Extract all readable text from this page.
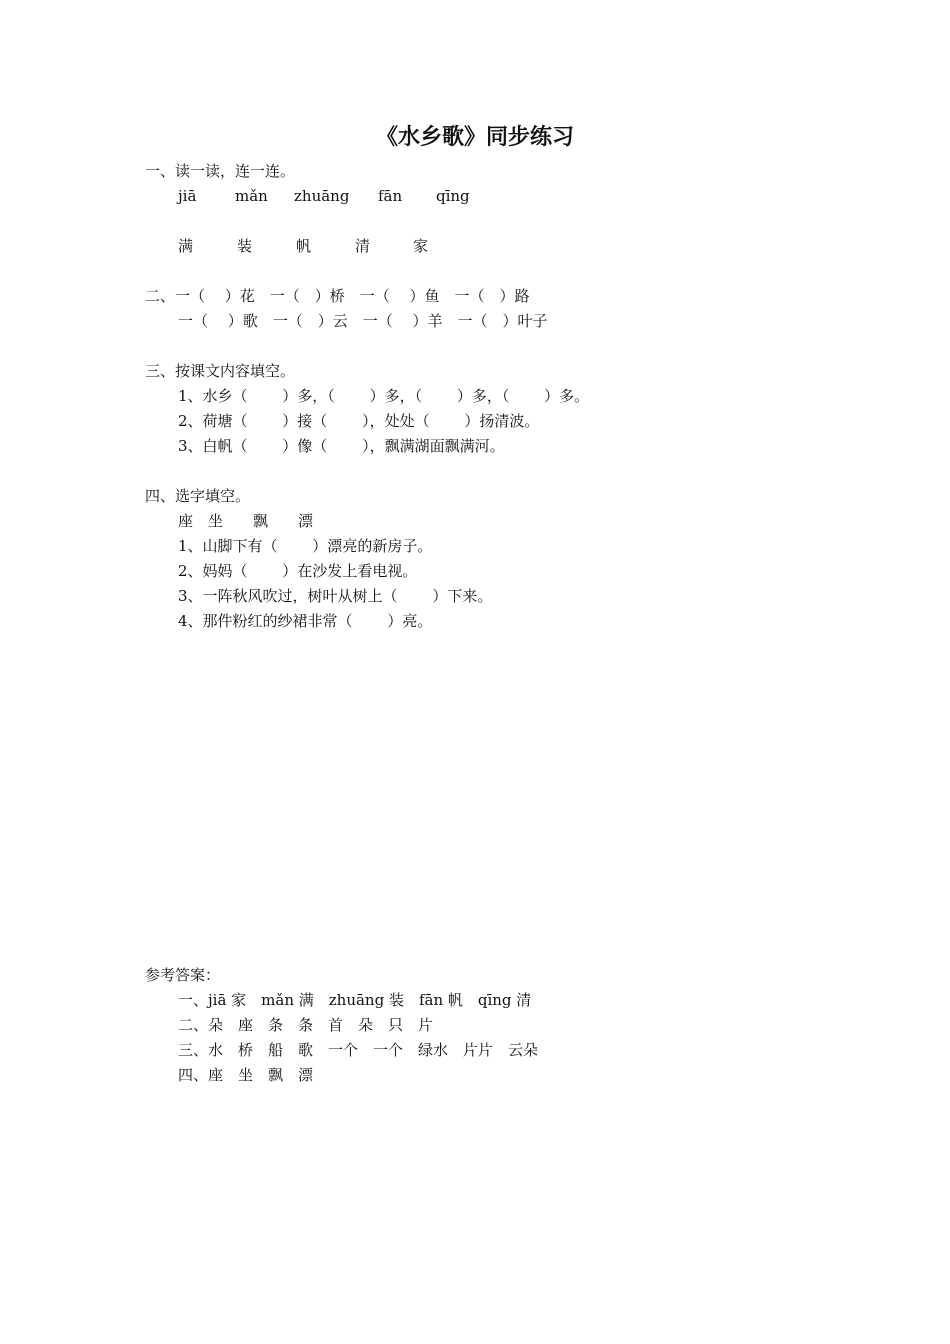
《水乡歌》同步练习
一、读一读，连一连。
jiā	mǎn	zhuāng	fān	qīng
满	装	帆	清	家
二、一（　 ）花　一（　）桥　一（　 ）鱼　一（　）路
一（　 ）歌　一（　）云　一（　 ）羊　一（　）叶子
三、按课文内容填空。
1、水乡（　　 ）多，（　　 ）多，（　　 ）多，（　　 ）多。
2、荷塘（　　 ）接（　　 ），处处（　　 ）扬清波。
3、白帆（　　 ）像（　　 ），飘满湖面飘满河。
四、选字填空。
座　坐　　飘　　漂
1、山脚下有（　　 ）漂亮的新房子。
2、妈妈（　　 ）在沙发上看电视。
3、一阵秋风吹过，树叶从树上（　　 ）下来。
4、那件粉红的纱裙非常（　　 ）亮。
参考答案：
一、jiā 家　mǎn 满　zhuāng 装　fān 帆　qīng 清
二、朵　座　条　条　首　朵　只　片
三、水　桥　船　歌　一个　一个　绿水　片片　云朵
四、座　坐　飘　漂
